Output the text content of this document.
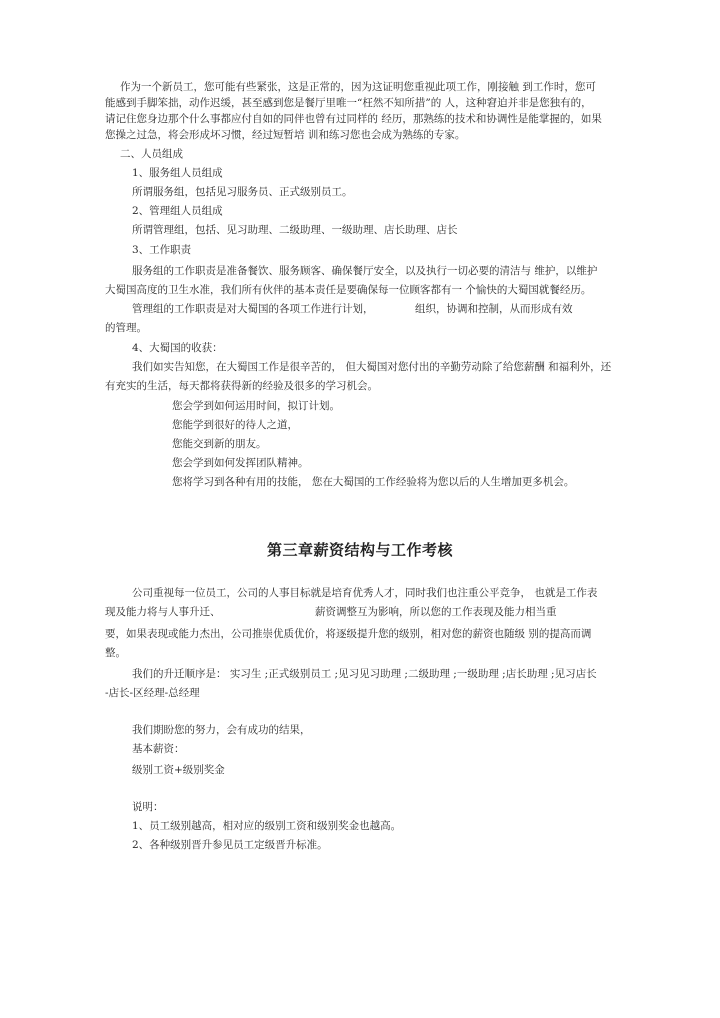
作为一个新员工，您可能有些紧张，这是正常的，因为这证明您重视此项工作，刚接触 到工作时，您可
能感到手脚笨拙，动作迟缓，甚至感到您是餐厅里唯一“枉然不知所措”的 人，这种窘迫并非是您独有的，
请记住您身边那个什么事都应付自如的同伴也曾有过同样的 经历，那熟练的技术和协调性是能掌握的，如果
您操之过急，将会形成坏习惯，经过短暂培 训和练习您也会成为熟练的专家。
二、人员组成
1、服务组人员组成
所谓服务组，包括见习服务员、正式级别员工。
2、管理组人员组成
所谓管理组，包括、见习助理、二级助理、一级助理、店长助理、店长
3、工作职责
服务组的工作职责是准备餐饮、服务顾客、确保餐厅安全，以及执行一切必要的清洁与 维护，以维护
大蜀国高度的卫生水准，我们所有伙伴的基本责任是要确保每一位顾客都有一 个愉快的大蜀国就餐经历。
管理组的工作职责是对大蜀国的各项工作进行计划，	组织，协调和控制，从而形成有效
的管理。
4、大蜀国的收获：
我们如实告知您，在大蜀国工作是很辛苦的， 但大蜀国对您付出的辛勤劳动除了给您薪酬 和福利外，还
有充实的生活，每天都将获得新的经验及很多的学习机会。
您会学到如何运用时间，拟订计划。
您能学到很好的待人之道，
您能交到新的朋友。
您会学到如何发挥团队精神。
您将学习到各种有用的技能， 您在大蜀国的工作经验将为您以后的人生增加更多机会。
第三章薪资结构与工作考核
公司重视每一位员工，公司的人事目标就是培育优秀人才，同时我们也注重公平竞争， 也就是工作表
现及能力将与人事升迁、	薪资调整互为影响，所以您的工作表现及能力相当重
要，如果表现或能力杰出，公司推崇优质优价，将逐级提升您的级别，相对您的薪资也随级 别的提高而调
整。
我们的升迁顺序是： 实习生 ;正式级别员工 ;见习见习助理 ;二级助理 ;一级助理 ;店长助理 ;见习店长
-店长-区经理-总经理
我们期盼您的努力，会有成功的结果，
基本薪资：
级别工资+级别奖金
说明：
1、员工级别越高，相对应的级别工资和级别奖金也越高。
2、各种级别晋升参见员工定级晋升标准。
